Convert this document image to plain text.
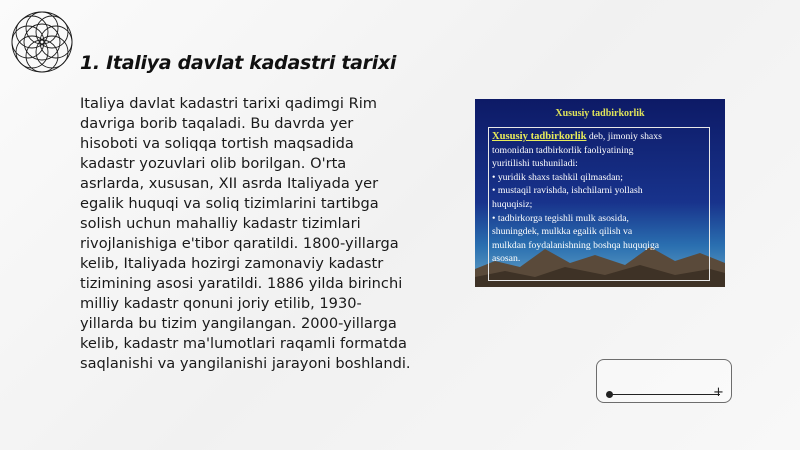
1. Italiya davlat kadastri tarixi
Italiya davlat kadastri tarixi qadimgi Rim
davriga borib taqaladi. Bu davrda yer
hisoboti va soliqqa tortish maqsadida
kadastr yozuvlari olib borilgan. O'rta
asrlarda, xususan, XII asrda Italiyada yer
egalik huquqi va soliq tizimlarini tartibga
solish uchun mahalliy kadastr tizimlari
rivojlanishiga e'tibor qaratildi. 1800-yillarga
kelib, Italiyada hozirgi zamonaviy kadastr
tizimining asosi yaratildi. 1886 yilda birinchi
milliy kadastr qonuni joriy etilib, 1930-
yillarda bu tizim yangilangan. 2000-yillarga
kelib, kadastr ma'lumotlari raqamli formatda
saqlanishi va yangilanishi jarayoni boshlandi.
Xususiy tadbirkorlik
Xususiy tadbirkorlik deb, jimoniy shaxs
tomonidan tadbirkorlik faoliyatining
yuritilishi tushuniladi:
• yuridik shaxs tashkil qilmasdan;
• mustaqil ravishda, ishchilarni yollash
huquqisiz;
• tadbirkorga tegishli mulk asosida,
shuningdek, mulkka egalik qilish va
mulkdan foydalanishning boshqa huquqiga
asosan.
+
